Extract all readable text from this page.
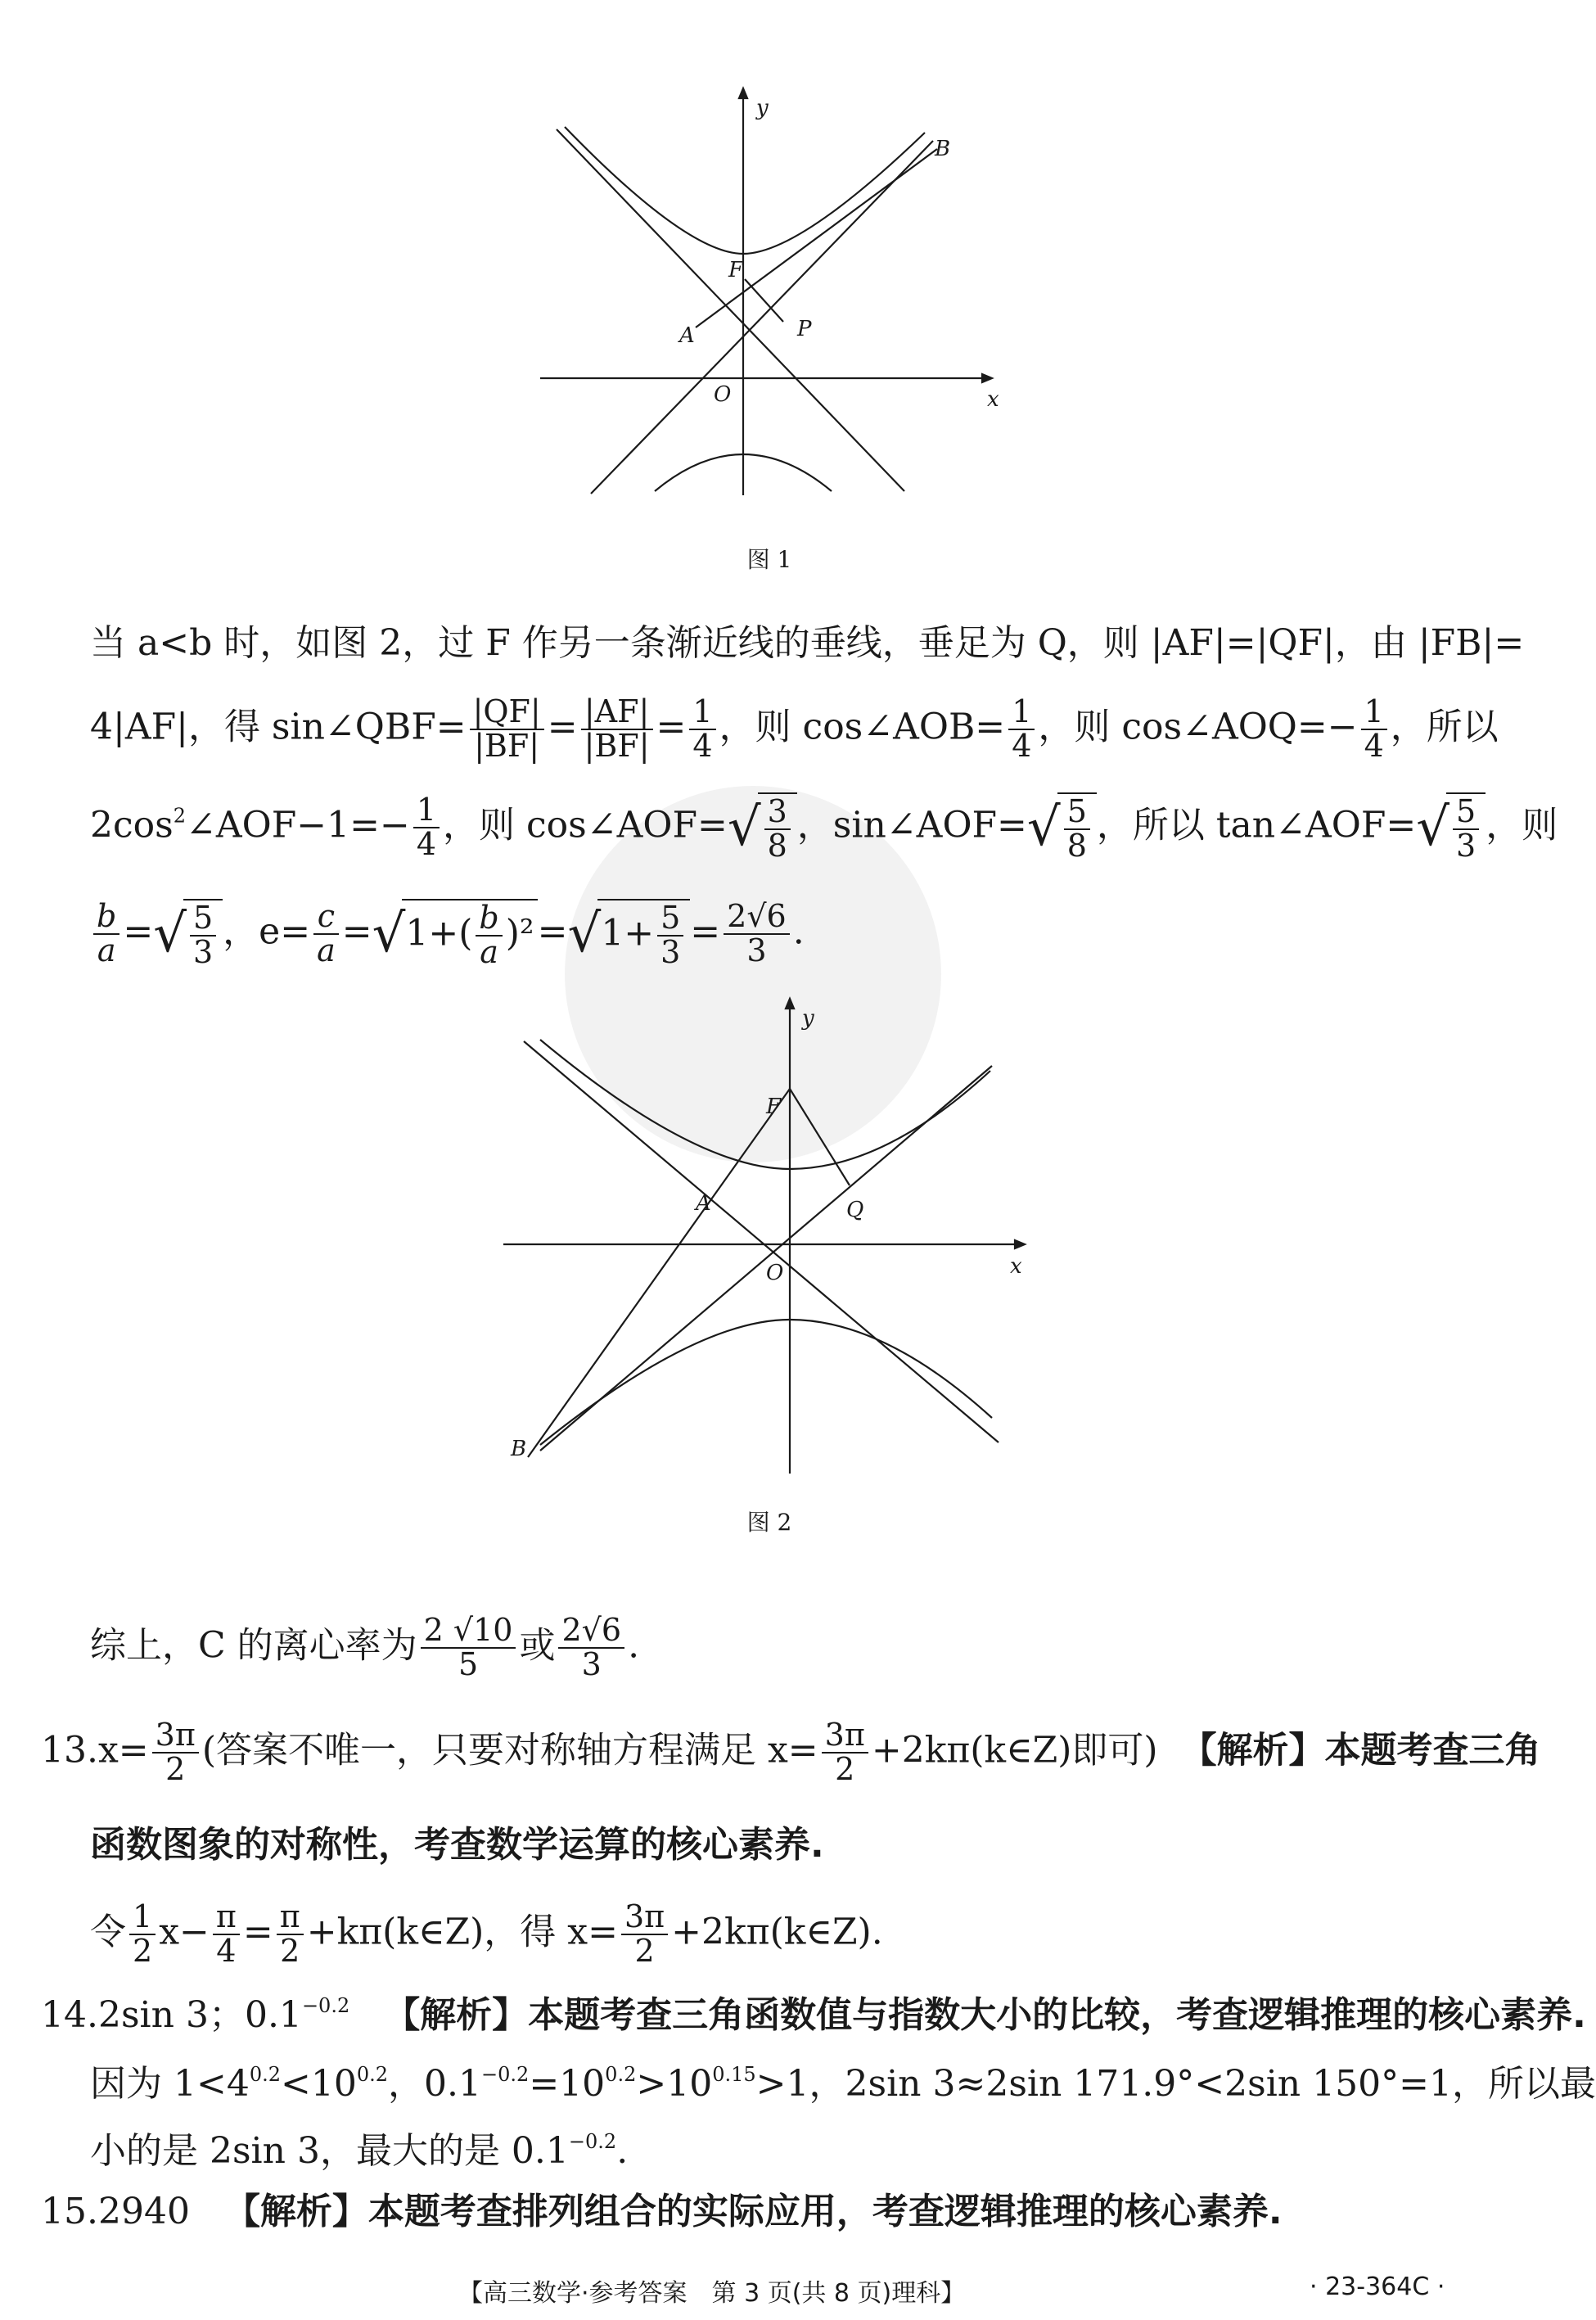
y
x
B
F
A	P
O
图 1
当 a<b 时，如图 2，过 F 作另一条渐近线的垂线，垂足为 Q，则 |AF|=|QF|，由 |FB|=
4|AF|，得 sin∠QBF= $\frac{|QF|}{|BF|} = \frac{|AF|}{|BF|} = \frac{1}{4}$ ，则 cos∠AOB= $\frac{1}{4}$ ，则 cos∠AOQ=− $\frac{1}{4}$ ，所以
$2\cos^2\angle AOF-1=- \frac{1}{4}$ ，则 cos∠AOF=√ $\frac{3}{8}$ ，sin∠AOF=√ $\frac{5}{8}$ ，所以 tan∠AOF=√ $\frac{5}{3}$ ，则
$\frac{b}{a}$ =√ $\frac{5}{3}$ ，$e= \frac{c}{a} =√1+( \frac{b}{a} )^2=√1+ \frac{5}{3} = \frac{2√6}{3}$ .
y
x
F
A	Q
O
B
图 2
综上，C 的离心率为 $\frac{2 √10}{5}$ 或 $\frac{2√6}{3}$ .
$13.x= \frac{3\pi}{2}$ (答案不唯一，只要对称轴方程满足 $x= \frac{3\pi}{2}$ +2kπ(k∈Z)即可) 【解析】本题考查三角
函数图象的对称性，考查数学运算的核心素养.
令 $\frac{1}{2} x- \frac{\pi}{4} = \frac{\pi}{2}$ +kπ(k∈Z)，得 $x= \frac{3\pi}{2}$ +2kπ(k∈Z).
14.2sin 3；$0.1^{-0.2}$ 【解析】本题考查三角函数值与指数大小的比较，考查逻辑推理的核心素养.
因为 $1<4^{0.2}<10^{0.2}$，$0.1^{-0.2}=10^{0.2}>10^{0.15}>1$，2sin 3≈2sin 171.9°<2sin 150°=1，所以最
小的是 2sin 3，最大的是 $0.1^{-0.2}$.
15.2940 【解析】本题考查排列组合的实际应用，考查逻辑推理的核心素养.
【高三数学·参考答案　第 3 页(共 8 页)理科】	· 23-364C ·
